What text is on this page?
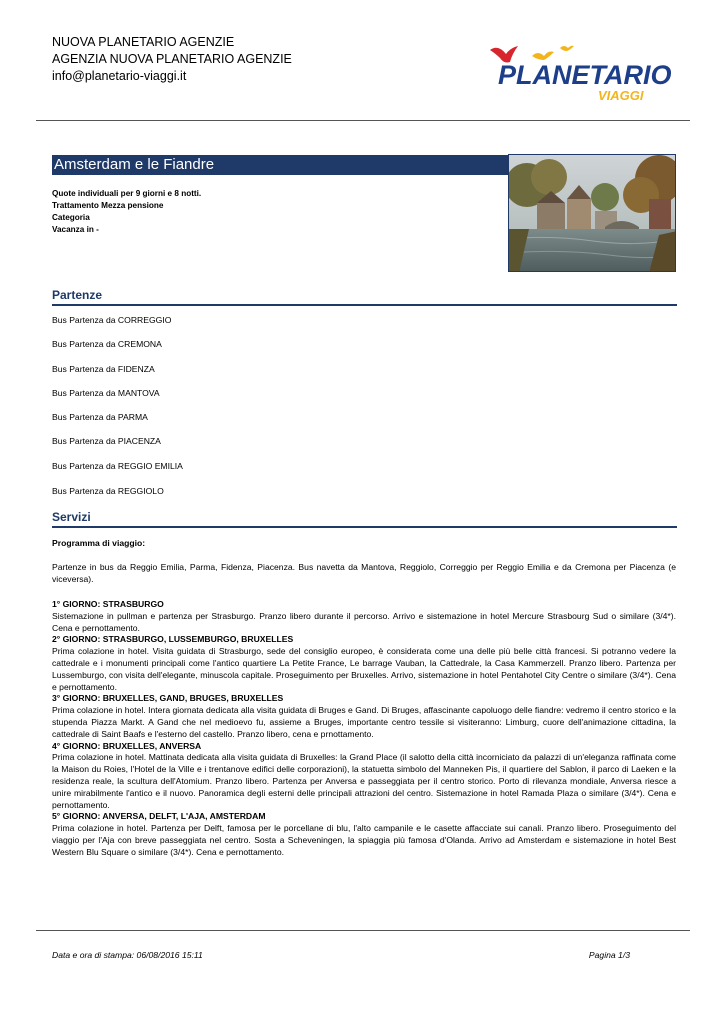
NUOVA PLANETARIO AGENZIE
AGENZIA NUOVA PLANETARIO AGENZIE
info@planetario-viaggi.it	PLANETARIO
VIAGGI
Amsterdam e le Fiandre
Quote individuali per 9 giorni e 8 notti.
Trattamento Mezza pensione
Categoria
Vacanza in -
Partenze
Bus Partenza da CORREGGIO
Bus Partenza da CREMONA
Bus Partenza da FIDENZA
Bus Partenza da MANTOVA
Bus Partenza da PARMA
Bus Partenza da PIACENZA
Bus Partenza da REGGIO EMILIA
Bus Partenza da REGGIOLO
Servizi
Programma di viaggio:
Partenze in bus da Reggio Emilia, Parma, Fidenza, Piacenza. Bus navetta da Mantova, Reggiolo, Correggio per Reggio Emilia e da Cremona per Piacenza (e viceversa).
1° GIORNO: STRASBURGO
Sistemazione in pullman e partenza per Strasburgo. Pranzo libero durante il percorso. Arrivo e sistemazione in hotel Mercure Strasbourg Sud o similare (3/4*). Cena e pernottamento.
2° GIORNO: STRASBURGO, LUSSEMBURGO, BRUXELLES
Prima colazione in hotel. Visita guidata di Strasburgo, sede del consiglio europeo, è considerata come una delle più belle città francesi. Si potranno vedere la cattedrale e i monumenti principali come l'antico quartiere La Petite France, Le barrage Vauban, la Cattedrale, la Casa Kammerzell. Pranzo libero. Partenza per Lussemburgo, con visita dell'elegante, minuscola capitale. Proseguimento per Bruxelles. Arrivo, sistemazione in hotel Pentahotel City Centre o similare (3/4*). Cena e pernottamento.
3° GIORNO: BRUXELLES, GAND, BRUGES, BRUXELLES
Prima colazione in hotel. Intera giornata dedicata alla visita guidata di Bruges e Gand. Di Bruges, affascinante capoluogo delle fiandre: vedremo il centro storico e la stupenda Piazza Markt. A Gand che nel medioevo fu, assieme a Bruges, importante centro tessile si visiteranno: Limburg, cuore dell'animazione cittadina, la cattedrale di Saint Baafs e l'esterno del castello. Pranzo libero, cena e prnottamento.
4° GIORNO: BRUXELLES, ANVERSA
Prima colazione in hotel. Mattinata dedicata alla visita guidata di Bruxelles: la Grand Place (il salotto della città incorniciato da palazzi di un'eleganza raffinata come la Maison du Roies, l'Hotel de la Ville e i trentanove edifici delle corporazioni), la statuetta simbolo del Manneken Pis, il quartiere del Sablon, il parco di Laeken e la residenza reale, la scultura dell'Atomium. Pranzo libero. Partenza per Anversa e passeggiata per il centro storico. Porto di rilevanza mondiale, Anversa riesce a unire mirabilmente l'antico e il nuovo. Panoramica degli esterni delle principali attrazioni del centro. Sistemazione in hotel Ramada Plaza o similare (3/4*). Cena e pernottamento.
5° GIORNO: ANVERSA, DELFT, L'AJA, AMSTERDAM
Prima colazione in hotel. Partenza per Delft, famosa per le porcellane di blu, l'alto campanile e le casette affacciate sui canali. Pranzo libero. Proseguimento del viaggio per l'Aja con breve passeggiata nel centro. Sosta a Scheveningen, la spiaggia più famosa d'Olanda. Arrivo ad Amsterdam e sistemazione in hotel Best Western Blu Square o similare (3/4*). Cena e pernottamento.
Data e ora di stampa: 06/08/2016 15:11	Pagina 1/3
